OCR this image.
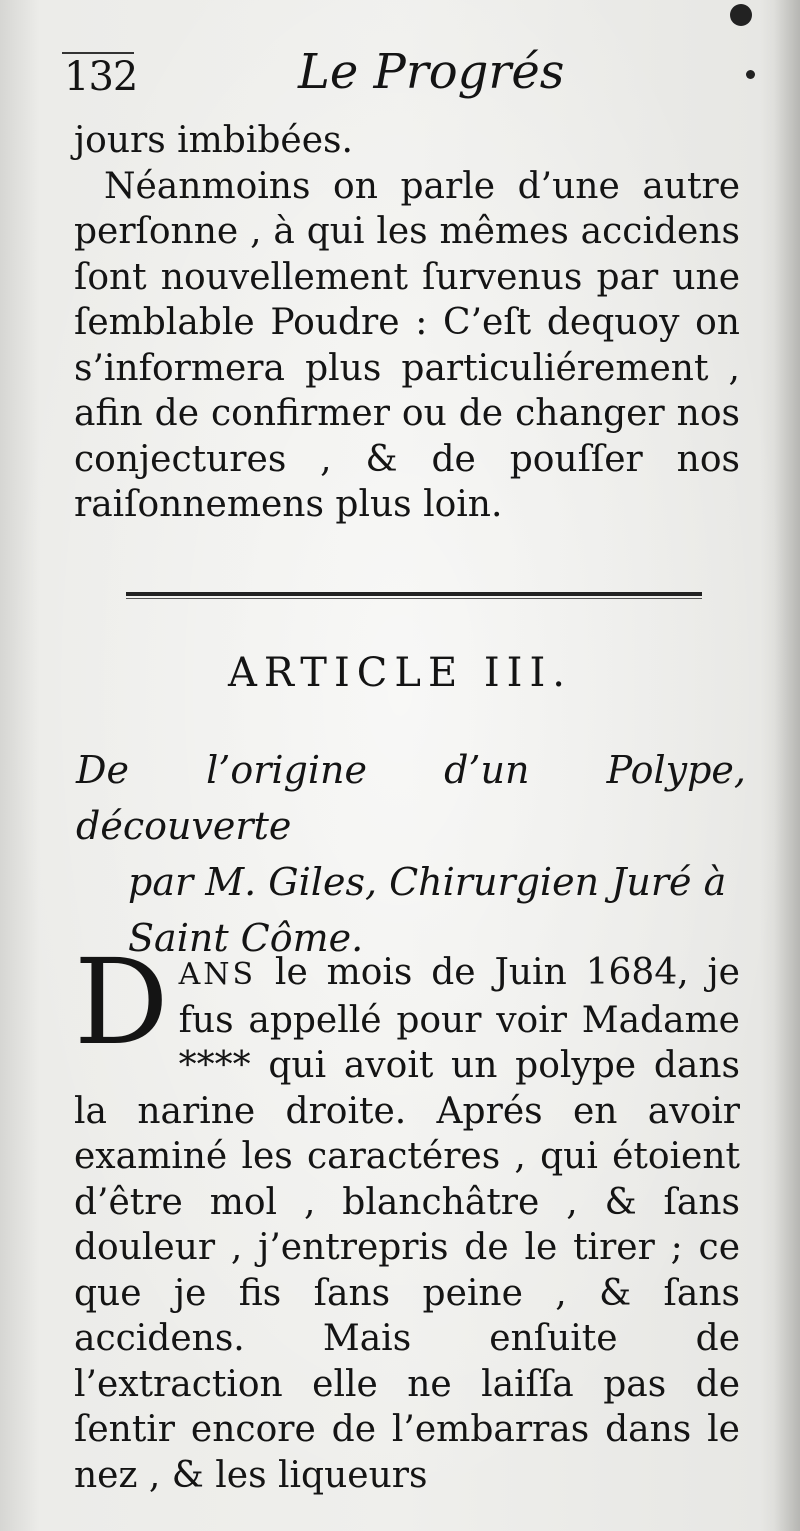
132	Le Progrés

jours imbibées.

Néanmoins on parle d’une autre perſonne , à qui les mêmes accidens ſont nouvellement ſurvenus par une ſemblable Poudre : C’eſt dequoy on s’informera plus particuliérement , afin de confirmer ou de changer nos conjectures , & de pouſſer nos raiſonnemens plus loin.

ARTICLE III.
De l’origine d’un Polype, découverte
par M. Giles, Chirurgien Juré à
Saint Côme.
DANS le mois de Juin 1684, je fus appellé pour voir Madame **** qui avoit un polype dans la narine droite. Aprés en avoir examiné les caractéres , qui étoient d’être mol , blanchâtre , & ſans douleur , j’entrepris de le tirer ; ce que je fis ſans peine , & ſans accidens. Mais enſuite de l’extraction elle ne laiſſa pas de ſentir encore de l’embarras dans le nez , & les liqueurs
